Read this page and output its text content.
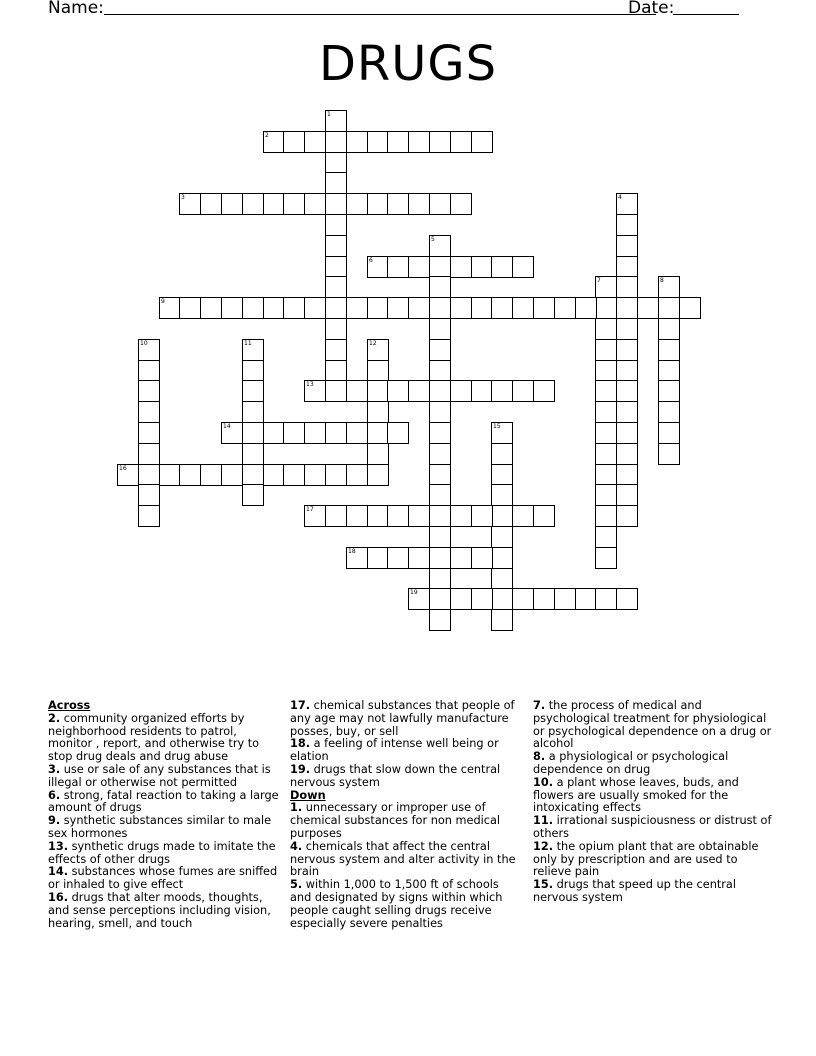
Name:	Date:
DRUGS
1
2
3	4
5
6
7	8
9
10	11	12
13
14	15
16
17
18
19

Across

2. community organized efforts by neighborhood residents to patrol, monitor , report, and otherwise try to stop drug deals and drug abuse

3. use or sale of any substances that is illegal or otherwise not permitted

6. strong, fatal reaction to taking a large amount of drugs

9. synthetic substances similar to male sex hormones

13. synthetic drugs made to imitate the effects of other drugs

14. substances whose fumes are sniffed or inhaled to give effect

16. drugs that alter moods, thoughts, and sense perceptions including vision, hearing, smell, and touch

17. chemical substances that people of any age may not lawfully manufacture posses, buy, or sell

18. a feeling of intense well being or elation

19. drugs that slow down the central nervous system

Down

1. unnecessary or improper use of chemical substances for non medical purposes

4. chemicals that affect the central nervous system and alter activity in the brain

5. within 1,000 to 1,500 ft of schools and designated by signs within which people caught selling drugs receive especially severe penalties

7. the process of medical and psychological treatment for physiological or psychological dependence on a drug or alcohol

8. a physiological or psychological dependence on drug

10. a plant whose leaves, buds, and flowers are usually smoked for the intoxicating effects

11. irrational suspiciousness or distrust of others

12. the opium plant that are obtainable only by prescription and are used to relieve pain

15. drugs that speed up the central nervous system
